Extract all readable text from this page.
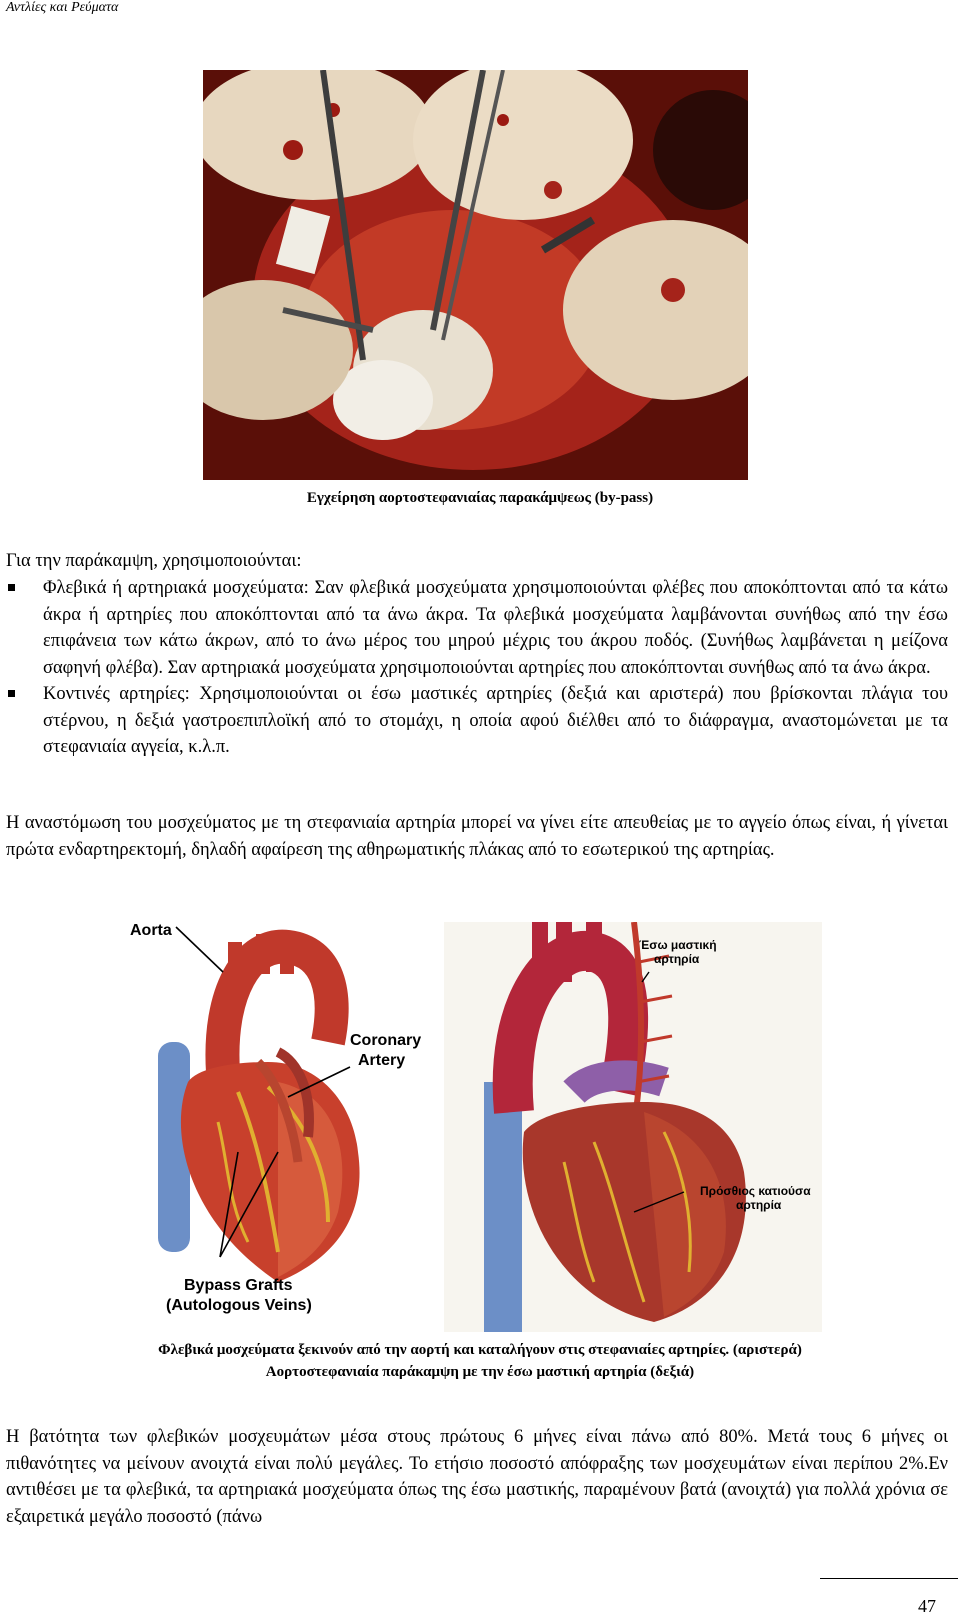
Αντλίες και Ρεύματα
Εγχείρηση αορτοστεφανιαίας παρακάμψεως (by-pass)
Για την παράκαμψη, χρησιμοποιούνται:
Φλεβικά ή αρτηριακά μοσχεύματα: Σαν φλεβικά μοσχεύματα χρησιμοποιούνται φλέβες που αποκόπτονται από τα κάτω άκρα ή αρτηρίες που αποκόπτονται από τα άνω άκρα. Τα φλεβικά μοσχεύματα λαμβάνονται συνήθως από την έσω επιφάνεια των κάτω άκρων, από το άνω μέρος του μηρού μέχρις του άκρου ποδός. (Συνήθως λαμβάνεται η μείζονα σαφηνή φλέβα). Σαν αρτηριακά μοσχεύματα χρησιμοποιούνται αρτηρίες που αποκόπτονται συνήθως από τα άνω άκρα.
Κοντινές αρτηρίες: Χρησιμοποιούνται οι έσω μαστικές αρτηρίες (δεξιά και αριστερά) που βρίσκονται πλάγια του στέρνου, η δεξιά γαστροεπιπλοϊκή από το στομάχι, η οποία αφού διέλθει από το διάφραγμα, αναστομώνεται με τα στεφανιαία αγγεία, κ.λ.π.
Η αναστόμωση του μοσχεύματος με τη στεφανιαία αρτηρία μπορεί να γίνει είτε απευθείας με το αγγείο όπως είναι, ή γίνεται πρώτα ενδαρτηρεκτομή, δηλαδή αφαίρεση της αθηρωματικής πλάκας από το εσωτερικού της αρτηρίας.
Aorta
Coronary
Artery
Bypass Grafts
(Autologous Veins)
Έσω μαστική
αρτηρία
Πρόσθιος κατιούσα
αρτηρία
Φλεβικά μοσχεύματα ξεκινούν από την αορτή και καταλήγουν στις στεφανιαίες αρτηρίες. (αριστερά)
Αορτοστεφανιαία παράκαμψη με την έσω μαστική αρτηρία (δεξιά)
Η βατότητα των φλεβικών μοσχευμάτων μέσα στους πρώτους 6 μήνες είναι πάνω από 80%. Μετά τους 6 μήνες οι πιθανότητες να μείνουν ανοιχτά είναι πολύ μεγάλες. Το ετήσιο ποσοστό απόφραξης των μοσχευμάτων είναι περίπου 2%.Εν αντιθέσει με τα φλεβικά, τα αρτηριακά μοσχεύματα όπως της έσω μαστικής, παραμένουν βατά (ανοιχτά) για πολλά χρόνια σε εξαιρετικά μεγάλο ποσοστό (πάνω
47
